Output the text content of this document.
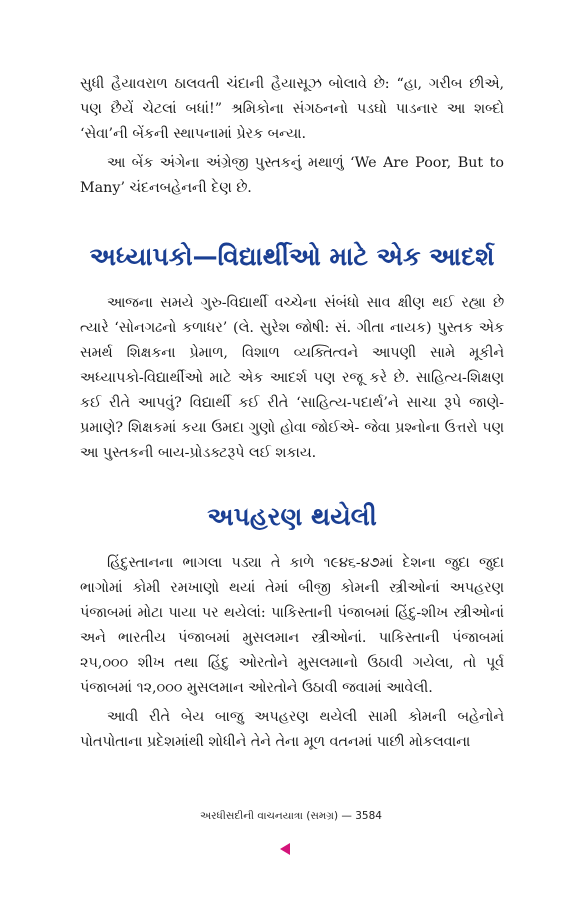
સુધી હૈયાવરાળ ઠાલવતી ચંદાની હૈયાસૂઝ બોલાવે છે: “હા, ગરીબ છીએ, પણ છૈયેં ચેટલાં બધાં!” શ્રમિકોના સંગઠનનો પડઘો પાડનાર આ શબ્દો ‘સેવા’ની બેંકની સ્થાપનામાં પ્રેરક બન્યા.

આ બેંક અંગેના અંગ્રેજી પુસ્તકનું મથાળું ‘We Are Poor, But to Many’ ચંદનબહેનની દેણ છે.

અધ્યાપકો—વિદ્યાર્થીઓ માટે એક આદર્શ

આજના સમયે ગુરુ-વિદ્યાર્થી વચ્ચેના સંબંધો સાવ ક્ષીણ થઈ રહ્યા છે ત્યારે ‘સોનગઢનો કળાધર’ (લે. સુરેશ જોષી: સં. ગીતા નાયક) પુસ્તક એક સમર્થ શિક્ષકના પ્રેમાળ, વિશાળ વ્યક્તિત્વને આપણી સામે મૂકીને અધ્યાપકો-વિદ્યાર્થીઓ માટે એક આદર્શ પણ રજૂ કરે છે. સાહિત્ય-શિક્ષણ કઈ રીતે આપવું? વિદ્યાર્થી કઈ રીતે ‘સાહિત્ય-પદાર્થ’ને સાચા રૂપે જાણે-પ્રમાણે? શિક્ષકમાં કયા ઉમદા ગુણો હોવા જોઈએ- જેવા પ્રશ્નોના ઉત્તરો પણ આ પુસ્તકની બાય-પ્રોડક્ટરૂપે લઈ શકાય.

અપહરણ થયેલી

હિંદુસ્તાનના ભાગલા પડ્યા તે કાળે ૧૯૪૬-૪૭માં દેશના જુદા જુદા ભાગોમાં કોમી રમખાણો થયાં તેમાં બીજી કોમની સ્ત્રીઓનાં અપહરણ પંજાબમાં મોટા પાયા પર થયેલાં: પાકિસ્તાની પંજાબમાં હિંદુ-શીખ સ્ત્રીઓનાં અને ભારતીય પંજાબમાં મુસલમાન સ્ત્રીઓનાં. પાકિસ્તાની પંજાબમાં ૨૫,૦૦૦ શીખ તથા હિંદુ ઓરતોને મુસલમાનો ઉઠાવી ગયેલા, તો પૂર્વ પંજાબમાં ૧૨,૦૦૦ મુસલમાન ઓરતોને ઉઠાવી જવામાં આવેલી.

આવી રીતે બેય બાજુ અપહરણ થયેલી સામી કોમની બહેનોને પોતપોતાના પ્રદેશમાંથી શોધીને તેને તેના મૂળ વતનમાં પાછી મોકલવાના

અરધીસદીની વાચનયાત્રા (સમગ્ર) — 3584
